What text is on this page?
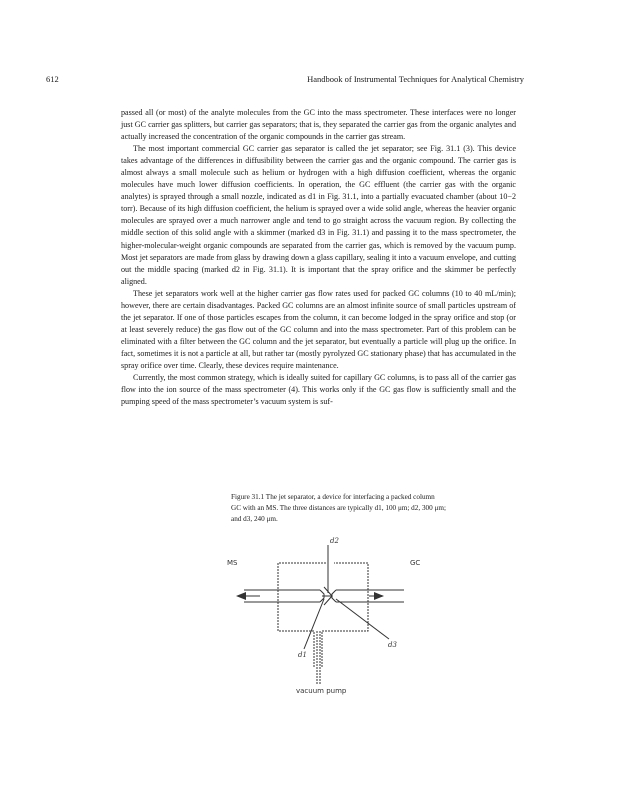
612	Handbook of Instrumental Techniques for Analytical Chemistry

passed all (or most) of the analyte molecules from the GC into the mass spectrometer. These interfaces were no longer just GC carrier gas splitters, but carrier gas separators; that is, they separated the carrier gas from the organic analytes and actually increased the concentration of the organic compounds in the carrier gas stream.

The most important commercial GC carrier gas separator is called the jet separator; see Fig. 31.1 (3). This device takes advantage of the differences in diffusibility between the carrier gas and the organic compound. The carrier gas is almost always a small molecule such as helium or hydrogen with a high diffusion coefficient, whereas the organic molecules have much lower diffusion coefficients. In operation, the GC effluent (the carrier gas with the organic analytes) is sprayed through a small nozzle, indicated as d1 in Fig. 31.1, into a partially evacuated chamber (about 10−2 torr). Because of its high diffusion coefficient, the helium is sprayed over a wide solid angle, whereas the heavier organic molecules are sprayed over a much narrower angle and tend to go straight across the vacuum region. By collecting the middle section of this solid angle with a skimmer (marked d3 in Fig. 31.1) and passing it to the mass spectrometer, the higher-molecular-weight organic compounds are separated from the carrier gas, which is removed by the vacuum pump. Most jet separators are made from glass by drawing down a glass capillary, sealing it into a vacuum envelope, and cutting out the middle spacing (marked d2 in Fig. 31.1). It is important that the spray orifice and the skimmer be perfectly aligned.

These jet separators work well at the higher carrier gas flow rates used for packed GC columns (10 to 40 mL/min); however, there are certain disadvantages. Packed GC columns are an almost infinite source of small particles upstream of the jet separator. If one of those particles escapes from the column, it can become lodged in the spray orifice and stop (or at least severely reduce) the gas flow out of the GC column and into the mass spectrometer. Part of this problem can be eliminated with a filter between the GC column and the jet separator, but eventually a particle will plug up the orifice. In fact, sometimes it is not a particle at all, but rather tar (mostly pyrolyzed GC stationary phase) that has accumulated in the spray orifice over time. Clearly, these devices require maintenance.

Currently, the most common strategy, which is ideally suited for capillary GC columns, is to pass all of the carrier gas flow into the ion source of the mass spectrometer (4). This works only if the GC gas flow is sufficiently small and the pumping speed of the mass spectrometer’s vacuum system is suf-

Figure 31.1 The jet separator, a device for interfacing a packed column GC with an MS. The three distances are typically d1, 100 μm; d2, 300 μm; and d3, 240 μm.
MS	GC
d2
d3
d1
vacuum pump
